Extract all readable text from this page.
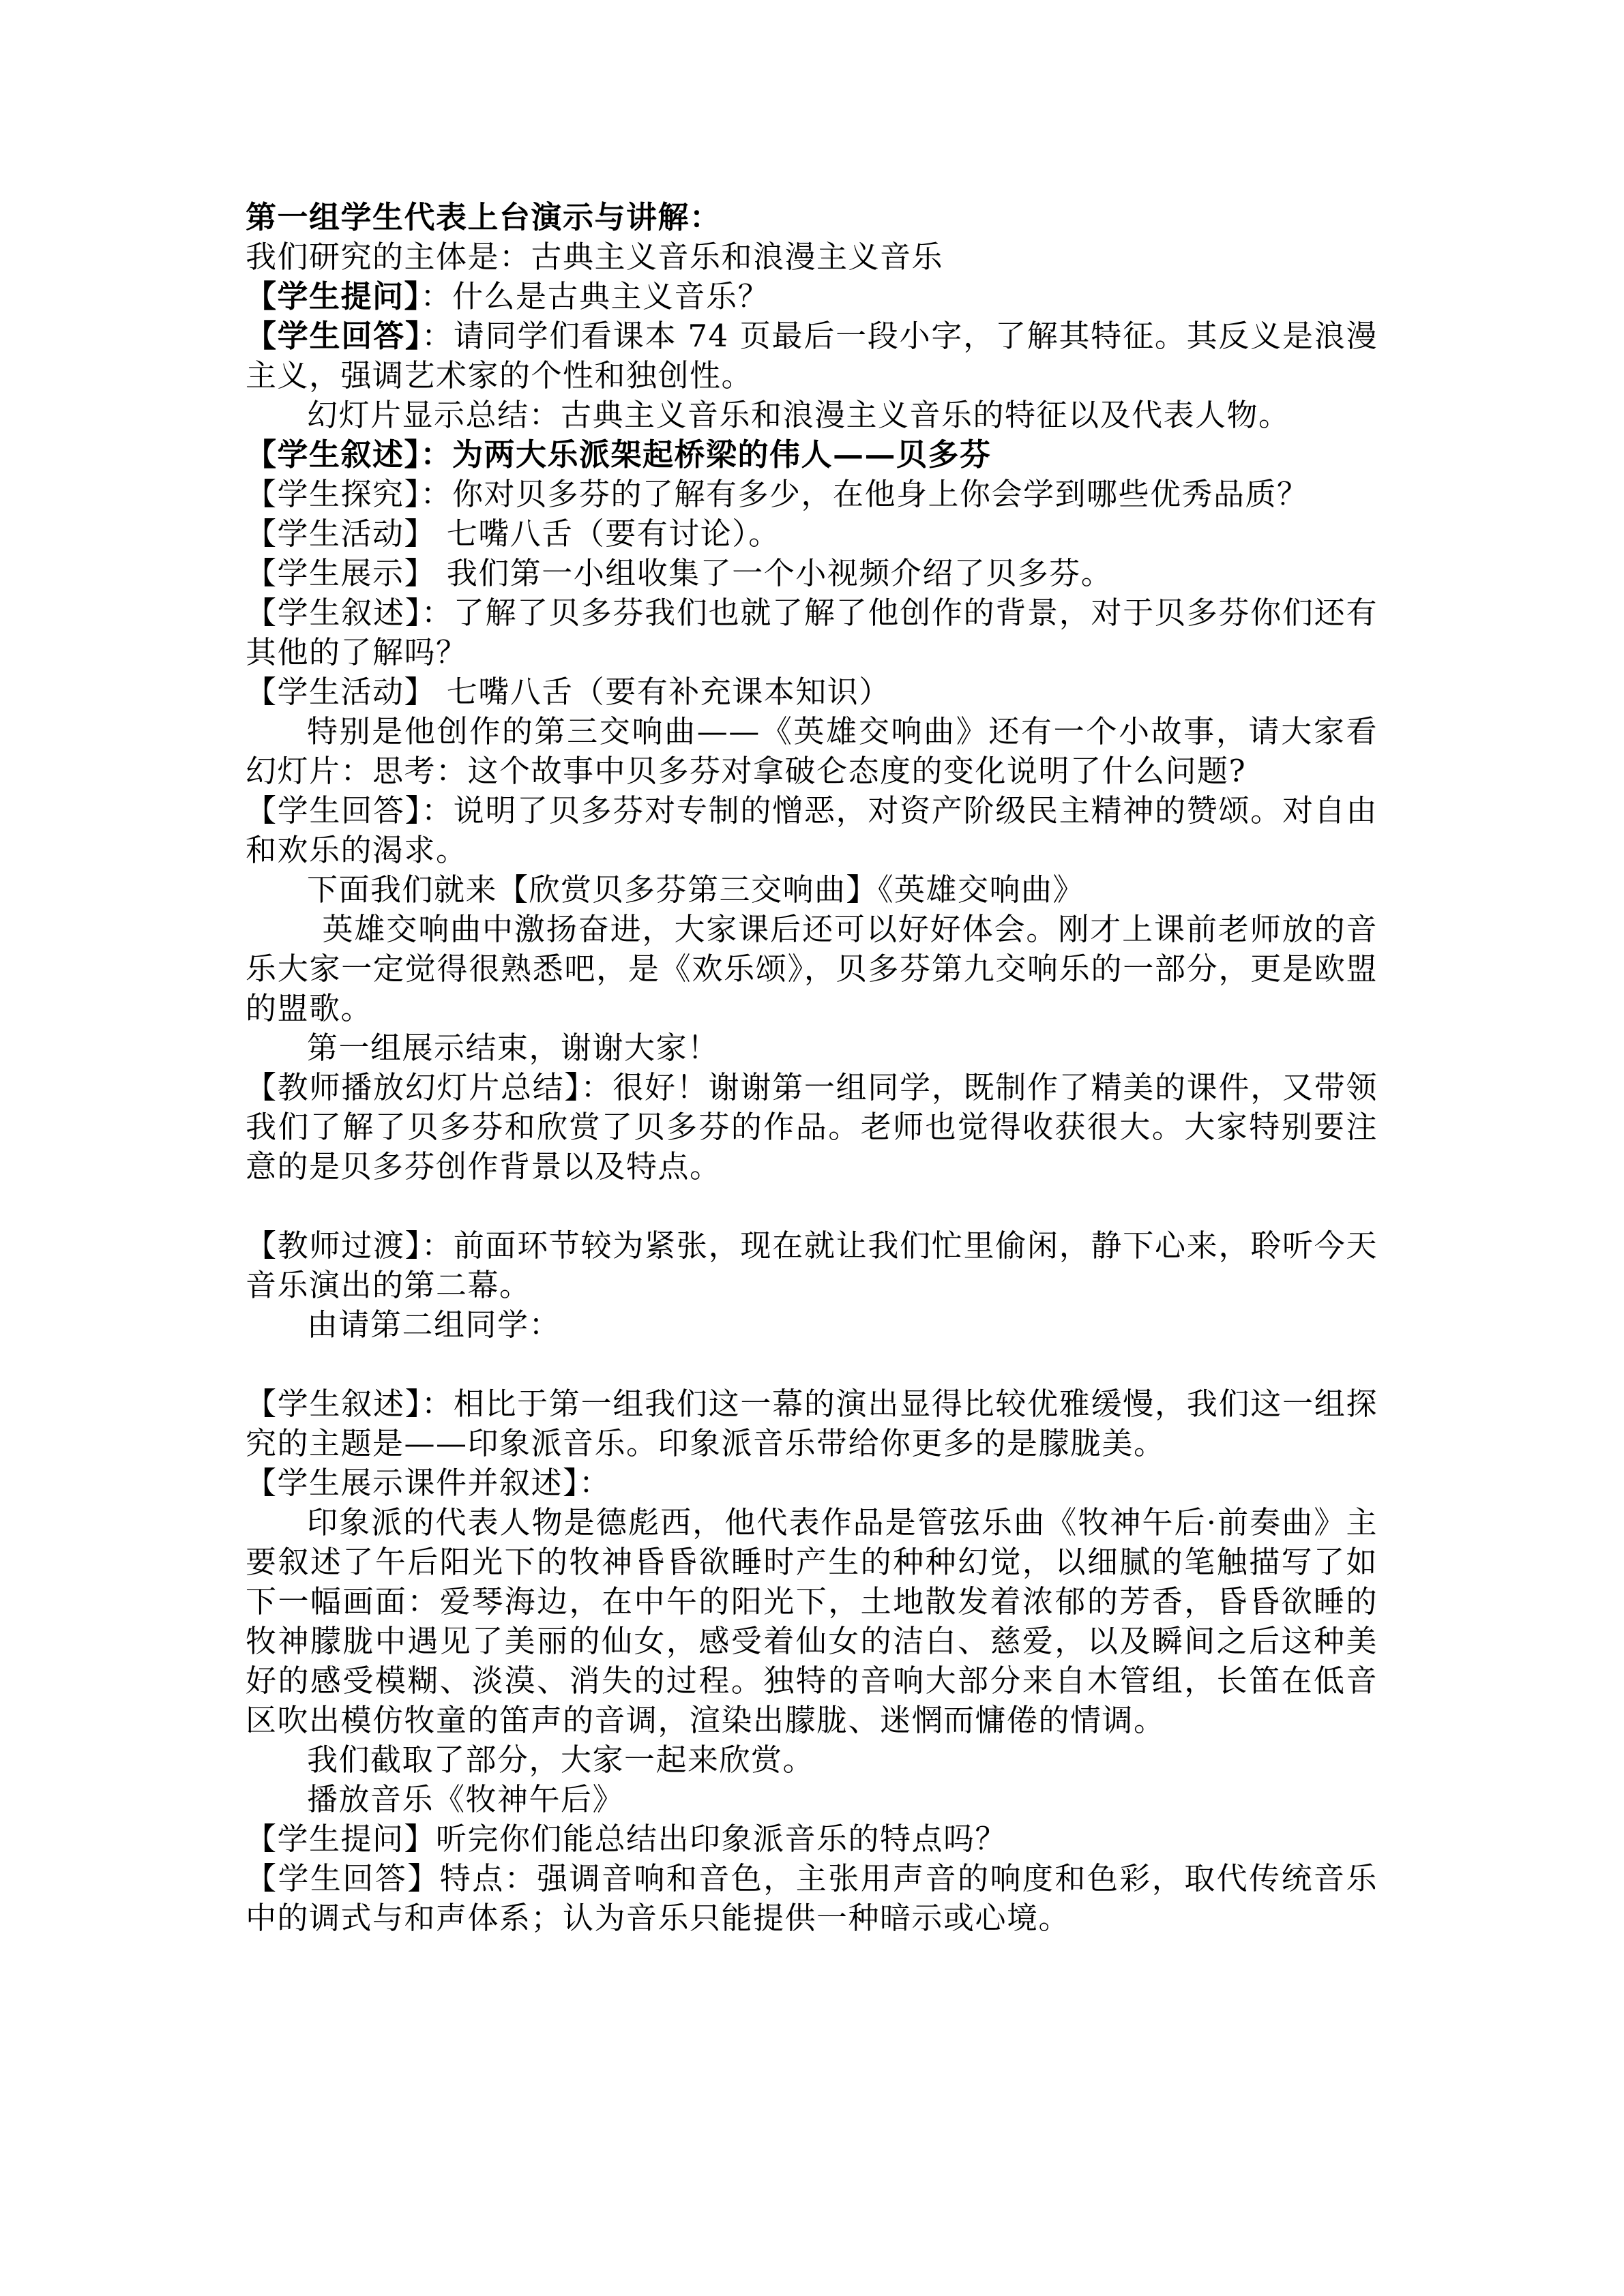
第一组学生代表上台演示与讲解：

我们研究的主体是：古典主义音乐和浪漫主义音乐

【学生提问】：什么是古典主义音乐？

【学生回答】：请同学们看课本 74 页最后一段小字，了解其特征。其反义是浪漫主义，强调艺术家的个性和独创性。

幻灯片显示总结：古典主义音乐和浪漫主义音乐的特征以及代表人物。

【学生叙述】：为两大乐派架起桥梁的伟人——贝多芬

【学生探究】：你对贝多芬的了解有多少，在他身上你会学到哪些优秀品质？

【学生活动】 七嘴八舌（要有讨论）。

【学生展示】 我们第一小组收集了一个小视频介绍了贝多芬。

【学生叙述】：了解了贝多芬我们也就了解了他创作的背景，对于贝多芬你们还有其他的了解吗？

【学生活动】 七嘴八舌（要有补充课本知识）

特别是他创作的第三交响曲——《英雄交响曲》还有一个小故事，请大家看幻灯片：思考：这个故事中贝多芬对拿破仑态度的变化说明了什么问题?

【学生回答】：说明了贝多芬对专制的憎恶，对资产阶级民主精神的赞颂。对自由和欢乐的渴求。

下面我们就来【欣赏贝多芬第三交响曲】《英雄交响曲》

英雄交响曲中激扬奋进，大家课后还可以好好体会。刚才上课前老师放的音乐大家一定觉得很熟悉吧，是《欢乐颂》，贝多芬第九交响乐的一部分，更是欧盟的盟歌。

第一组展示结束，谢谢大家！

【教师播放幻灯片总结】：很好！谢谢第一组同学，既制作了精美的课件，又带领我们了解了贝多芬和欣赏了贝多芬的作品。老师也觉得收获很大。大家特别要注意的是贝多芬创作背景以及特点。

【教师过渡】：前面环节较为紧张，现在就让我们忙里偷闲，静下心来，聆听今天音乐演出的第二幕。

由请第二组同学：

【学生叙述】：相比于第一组我们这一幕的演出显得比较优雅缓慢，我们这一组探究的主题是——印象派音乐。印象派音乐带给你更多的是朦胧美。

【学生展示课件并叙述】：

印象派的代表人物是德彪西，他代表作品是管弦乐曲《牧神午后·前奏曲》主要叙述了午后阳光下的牧神昏昏欲睡时产生的种种幻觉，以细腻的笔触描写了如下一幅画面：爱琴海边，在中午的阳光下，土地散发着浓郁的芳香，昏昏欲睡的牧神朦胧中遇见了美丽的仙女，感受着仙女的洁白、慈爱，以及瞬间之后这种美好的感受模糊、淡漠、消失的过程。独特的音响大部分来自木管组，长笛在低音区吹出模仿牧童的笛声的音调，渲染出朦胧、迷惘而慵倦的情调。

我们截取了部分，大家一起来欣赏。

播放音乐《牧神午后》

【学生提问】听完你们能总结出印象派音乐的特点吗？

【学生回答】特点：强调音响和音色，主张用声音的响度和色彩，取代传统音乐中的调式与和声体系；认为音乐只能提供一种暗示或心境。
